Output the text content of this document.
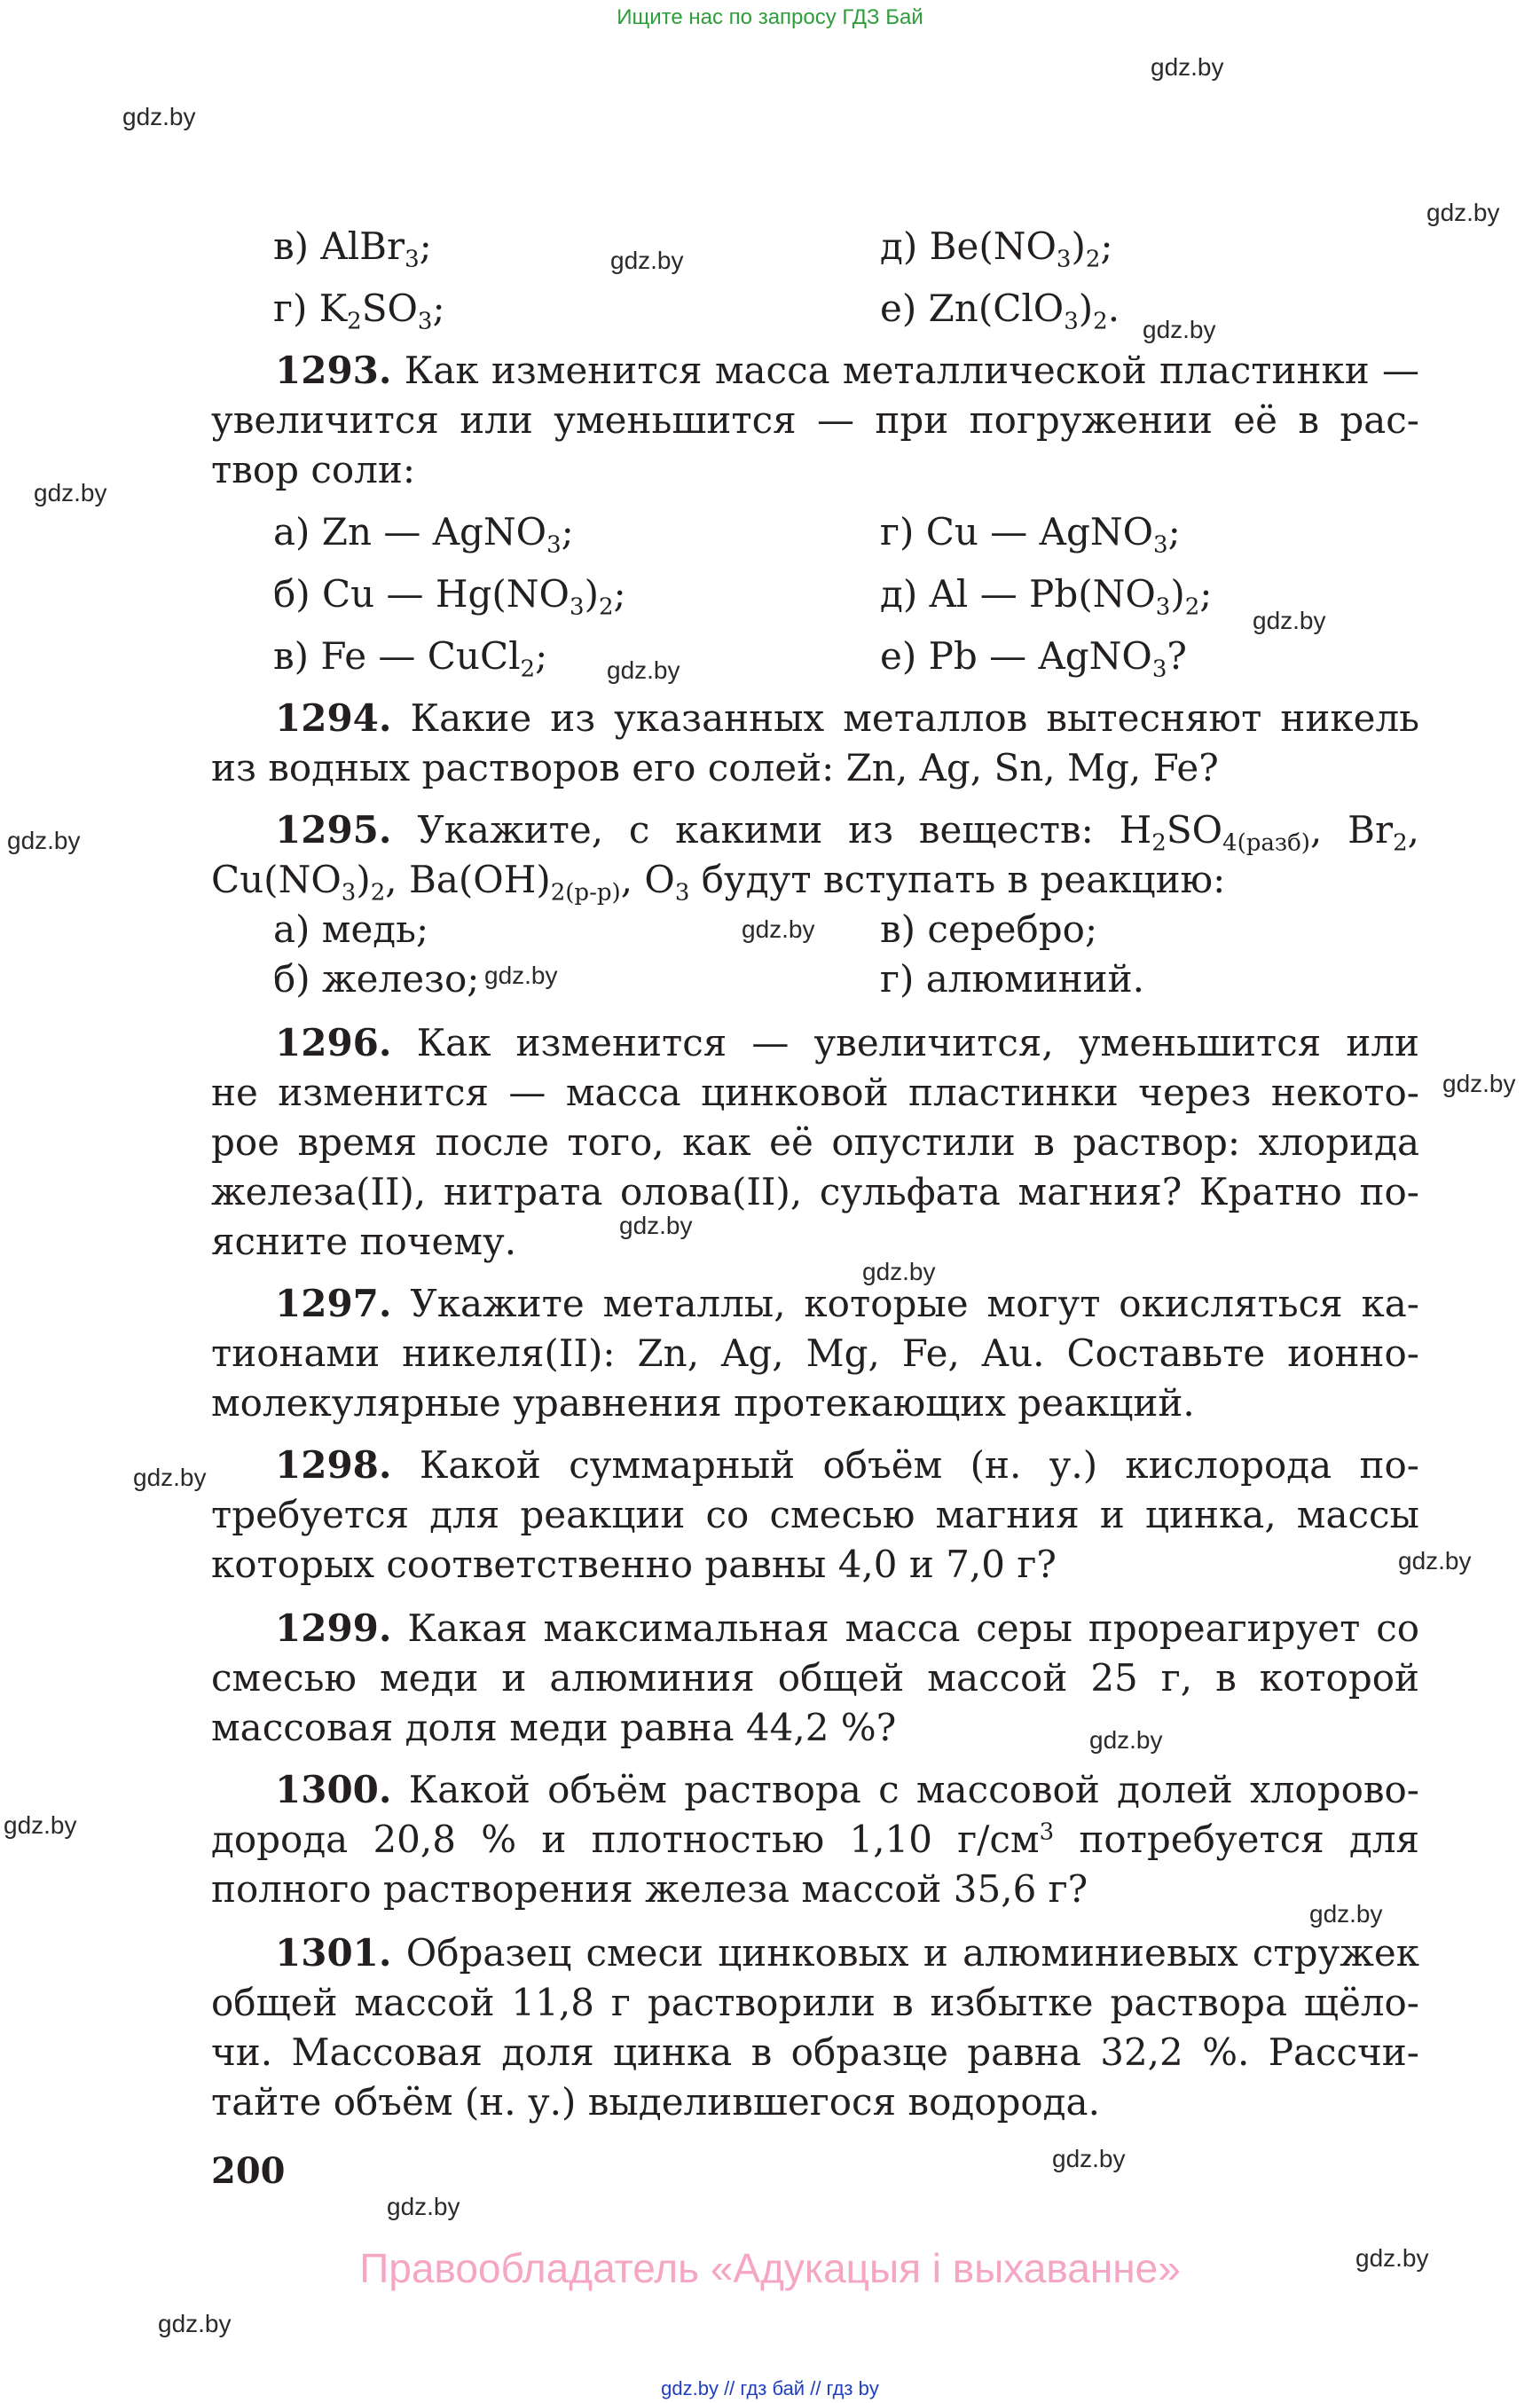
Ищите нас по запросу ГДЗ Бай
gdz.by
gdz.by
gdz.by
gdz.by
gdz.by
gdz.by
gdz.by
gdz.by
gdz.by
gdz.by
gdz.by
gdz.by
gdz.by
gdz.by
gdz.by
gdz.by
gdz.by
gdz.by
gdz.by
gdz.by
gdz.by
gdz.by
gdz.by
в) AlBr$_3$;	д) $Be(NO_3)_2$;
г) $K_2SO_3$;	е) $Zn(ClO_3)_2$.
1293. Как изменится масса металлической пластинки —
увеличится или уменьшится — при погружении её в рас-
твор соли:
а) Zn — AgNO$_3$;	г) Cu — AgNO$_3$;
б) Cu — $Hg(NO_3)_2$;	д) Al — $Pb(NO_3)_2$;
в) Fe — CuCl$_2$;	е) Pb — AgNO$_3$?
1294. Какие из указанных металлов вытесняют никель
из водных растворов его солей: Zn, Ag, Sn, Mg, Fe?
1295. Укажите, с какими из веществ: $H_2SO_{4(разб)}$, $Br_2$,
$Cu(NO_3)_2$, $Ba(OH)_{2(р-р)}$, $O_3$ будут вступать в реакцию:
а) медь;	в) серебро;
б) железо;	г) алюминий.
1296. Как изменится — увеличится, уменьшится или
не изменится — масса цинковой пластинки через некото-
рое время после того, как её опустили в раствор: хлорида
железа(II), нитрата олова(II), сульфата магния? Кратно по-
ясните почему.
1297. Укажите металлы, которые могут окисляться ка-
тионами никеля(II): Zn, Ag, Mg, Fe, Au. Составьте ионно-
молекулярные уравнения протекающих реакций.
1298. Какой суммарный объём (н. у.) кислорода по-
требуется для реакции со смесью магния и цинка, массы
которых соответственно равны 4,0 и 7,0 г?
1299. Какая максимальная масса серы прореагирует со
смесью меди и алюминия общей массой 25 г, в которой
массовая доля меди равна 44,2 %?
1300. Какой объём раствора с массовой долей хлорово-
дорода 20,8 % и плотностью 1,10 $г/см^3$ потребуется для
полного растворения железа массой 35,6 г?
1301. Образец смеси цинковых и алюминиевых стружек
общей массой 11,8 г растворили в избытке раствора щёло-
чи. Массовая доля цинка в образце равна 32,2 %. Рассчи-
тайте объём (н. у.) выделившегося водорода.
200
Правообладатель «Адукацыя і выхаванне»
gdz.by // гдз бай // гдз by
